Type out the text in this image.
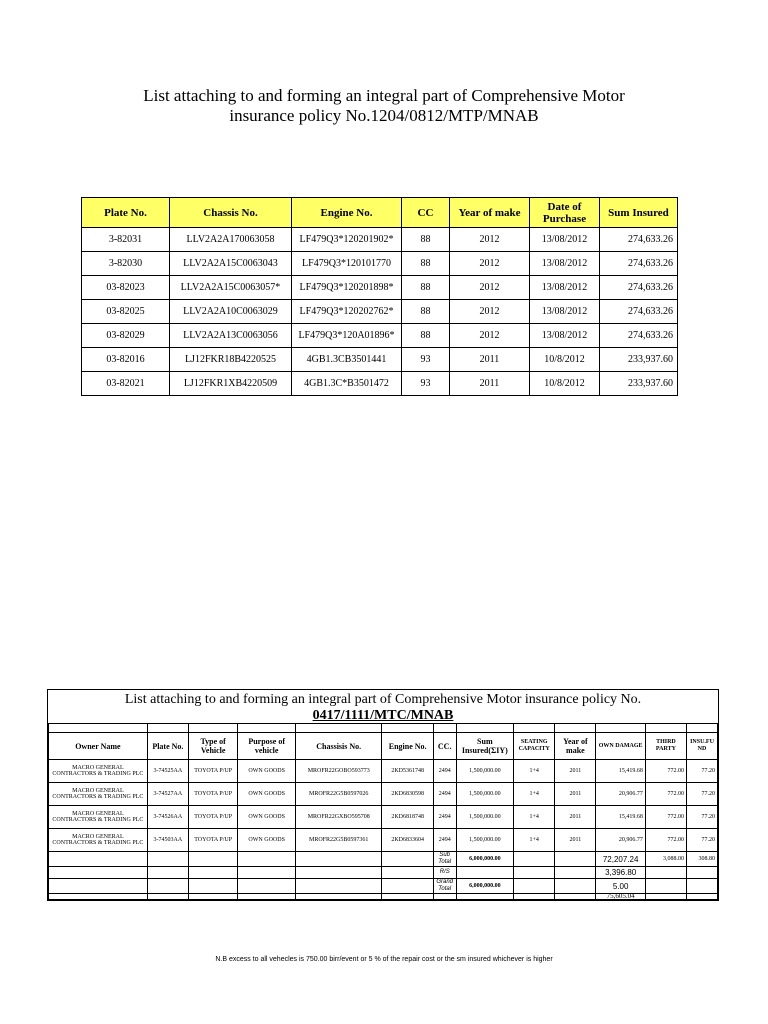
List attaching to and forming an integral part of Comprehensive Motor
insurance policy No.1204/0812/MTP/MNAB
Plate No.	Chassis No.	Engine No.	CC	Year of make	Date of Purchase	Sum Insured
3-82031	LLV2A2A170063058	LF479Q3*120201902*	88	2012	13/08/2012	274,633.26
3-82030	LLV2A2A15C0063043	LF479Q3*120101770	88	2012	13/08/2012	274,633.26
03-82023	LLV2A2A15C0063057*	LF479Q3*120201898*	88	2012	13/08/2012	274,633.26
03-82025	LLV2A2A10C0063029	LF479Q3*120202762*	88	2012	13/08/2012	274,633.26
03-82029	LLV2A2A13C0063056	LF479Q3*120A01896*	88	2012	13/08/2012	274,633.26
03-82016	LJ12FKR18B4220525	4GB1.3CB3501441	93	2011	10/8/2012	233,937.60
03-82021	LJ12FKR1XB4220509	4GB1.3C*B3501472	93	2011	10/8/2012	233,937.60
List attaching to and forming an integral part of Comprehensive Motor insurance policy No.
0417/1111/MTC/MNAB

Owner Name	Plate No.	Type of Vehicle	Purpose of vehicle	Chassisis No.	Engine No.	CC.	Sum Insured(ΣΙΥ)	SEATING CAPACITY	Year of make	OWN DAMAGE	THIRD PARTY	INSU.FU ND
MACRO GENERAL CONTRACTORS & TRADING PLC	3-74525AA	TOYOTA P/UP	OWN GOODS	MROFR22GOBO593773	2KD5361748	2494	1,500,000.00	1+4	2011	15,419.68	772.00	77.20
MACRO GENERAL CONTRACTORS & TRADING PLC	3-74527AA	TOYOTA P/UP	OWN GOODS	MROFR22G5B0597026	2KD6830598	2494	1,500,000.00	1+4	2011	20,906.77	772.00	77.20
MACRO GENERAL CONTRACTORS & TRADING PLC	3-74526AA	TOYOTA P/UP	OWN GOODS	MROFR22GXBO595708	2KD6818748	2494	1,500,000.00	1+4	2011	15,419.68	772.00	77.20
MACRO GENERAL CONTRACTORS & TRADING PLC	3-74503AA	TOYOTA P/UP	OWN GOODS	MROFR22G5B0597361	2KD6833604	2494	1,500,000.00	1+4	2011	20,906.77	772.00	77.20
						Sub Total	6,000,000.00			72,207.24	3,088.00	308.80
						R/S				3,396.80		
						Grand Total	6,000,000.00			5.00		
										75,605.04		
N.B excess to all vehecles is 750.00 birr/event or 5 % of the repair cost or the sm insured whichever is higher
